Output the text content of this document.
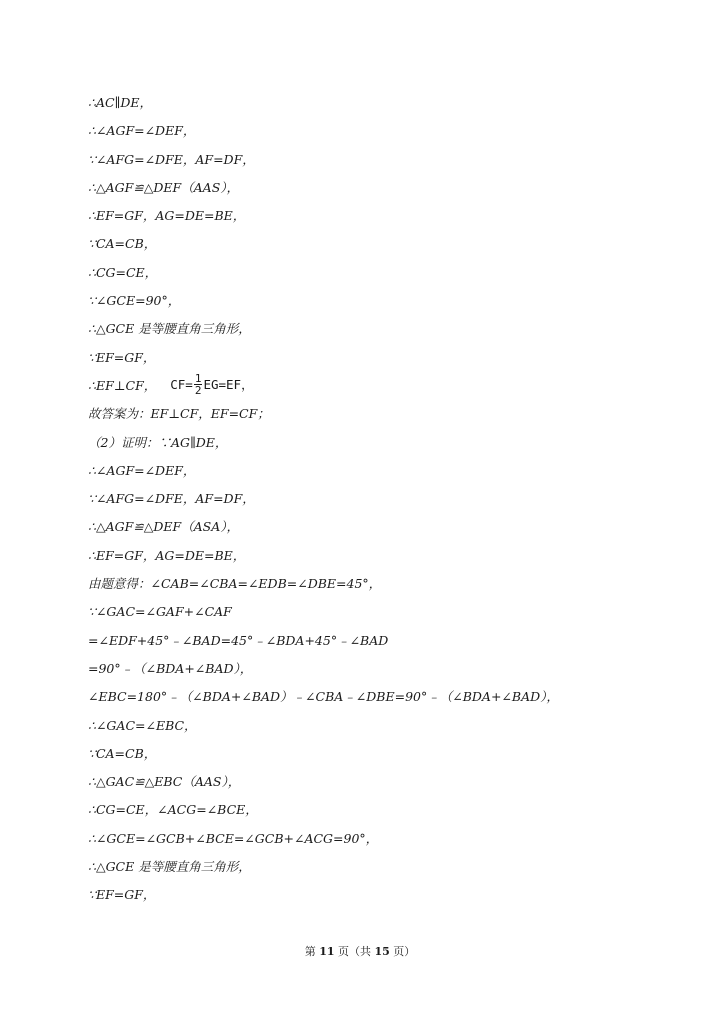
∴AC∥DE，
∴∠AGF=∠DEF，
∵∠AFG=∠DFE，AF=DF，
∴△AGF≌△DEF（AAS），
∴EF=GF，AG=DE=BE，
∵CA=CB，
∴CG=CE，
∵∠GCE=90°，
∴△GCE 是等腰直角三角形，
∵EF=GF，
∴EF⊥CF， $CF= \frac{1}{2} EG=EF$，
故答案为：EF⊥CF，EF=CF；
（2）证明：∵AG∥DE，
∴∠AGF=∠DEF，
∵∠AFG=∠DFE，AF=DF，
∴△AGF≌△DEF（ASA），
∴EF=GF，AG=DE=BE，
由题意得：∠CAB=∠CBA=∠EDB=∠DBE=45°，
∵∠GAC=∠GAF+∠CAF
=∠EDF+45°﹣∠BAD=45°﹣∠BDA+45°﹣∠BAD
=90°﹣（∠BDA+∠BAD），
∠EBC=180°﹣（∠BDA+∠BAD）﹣∠CBA﹣∠DBE=90°﹣（∠BDA+∠BAD），
∴∠GAC=∠EBC，
∵CA=CB，
∴△GAC≌△EBC（AAS），
∴CG=CE，∠ACG=∠BCE，
∴∠GCE=∠GCB+∠BCE=∠GCB+∠ACG=90°，
∴△GCE 是等腰直角三角形，
∵EF=GF，
第 11 页（共 15 页）
